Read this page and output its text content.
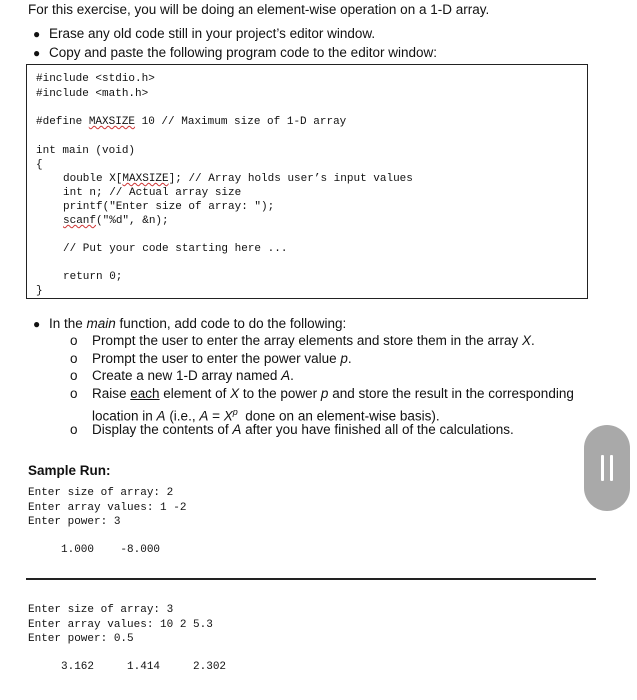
For this exercise, you will be doing an element-wise operation on a 1-D array.
● Erase any old code still in your project’s editor window.
● Copy and paste the following program code to the editor window:
#include <stdio.h>
#include <math.h>
#define MAXSIZE 10 // Maximum size of 1-D array
int main (void)
{
double X[MAXSIZE]; // Array holds user’s input values
int n; // Actual array size
printf("Enter size of array: ");
scanf("%d", &n);
// Put your code starting here ...
return 0;
}
● In the main function, add code to do the following:
o Prompt the user to enter the array elements and store them in the array X.
o Prompt the user to enter the power value p.
o Create a new 1-D array named A.
o Raise each element of X to the power p and store the result in the corresponding
location in A (i.e., $A = X^p$  done on an element-wise basis).
o Display the contents of A after you have finished all of the calculations.
Sample Run:
Enter size of array: 2
Enter array values: 1 -2
Enter power: 3
1.000    -8.000
Enter size of array: 3
Enter array values: 10 2 5.3
Enter power: 0.5
3.162     1.414     2.302
